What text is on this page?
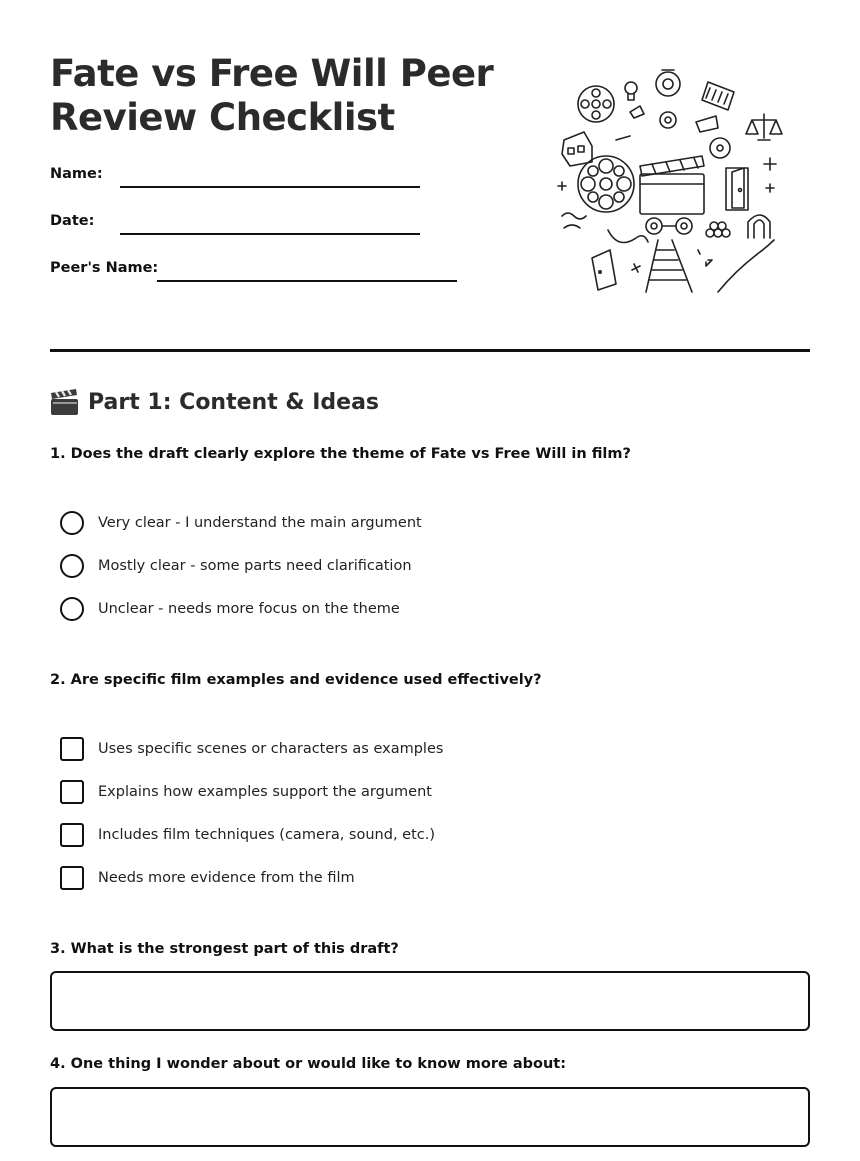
Fate vs Free Will Peer Review Checklist
Name:
Date:
Peer's Name:
Part 1: Content & Ideas
1. Does the draft clearly explore the theme of Fate vs Free Will in film?
Very clear - I understand the main argument
Mostly clear - some parts need clarification
Unclear - needs more focus on the theme
2. Are specific film examples and evidence used effectively?
Uses specific scenes or characters as examples
Explains how examples support the argument
Includes film techniques (camera, sound, etc.)
Needs more evidence from the film
3. What is the strongest part of this draft?
4. One thing I wonder about or would like to know more about:
